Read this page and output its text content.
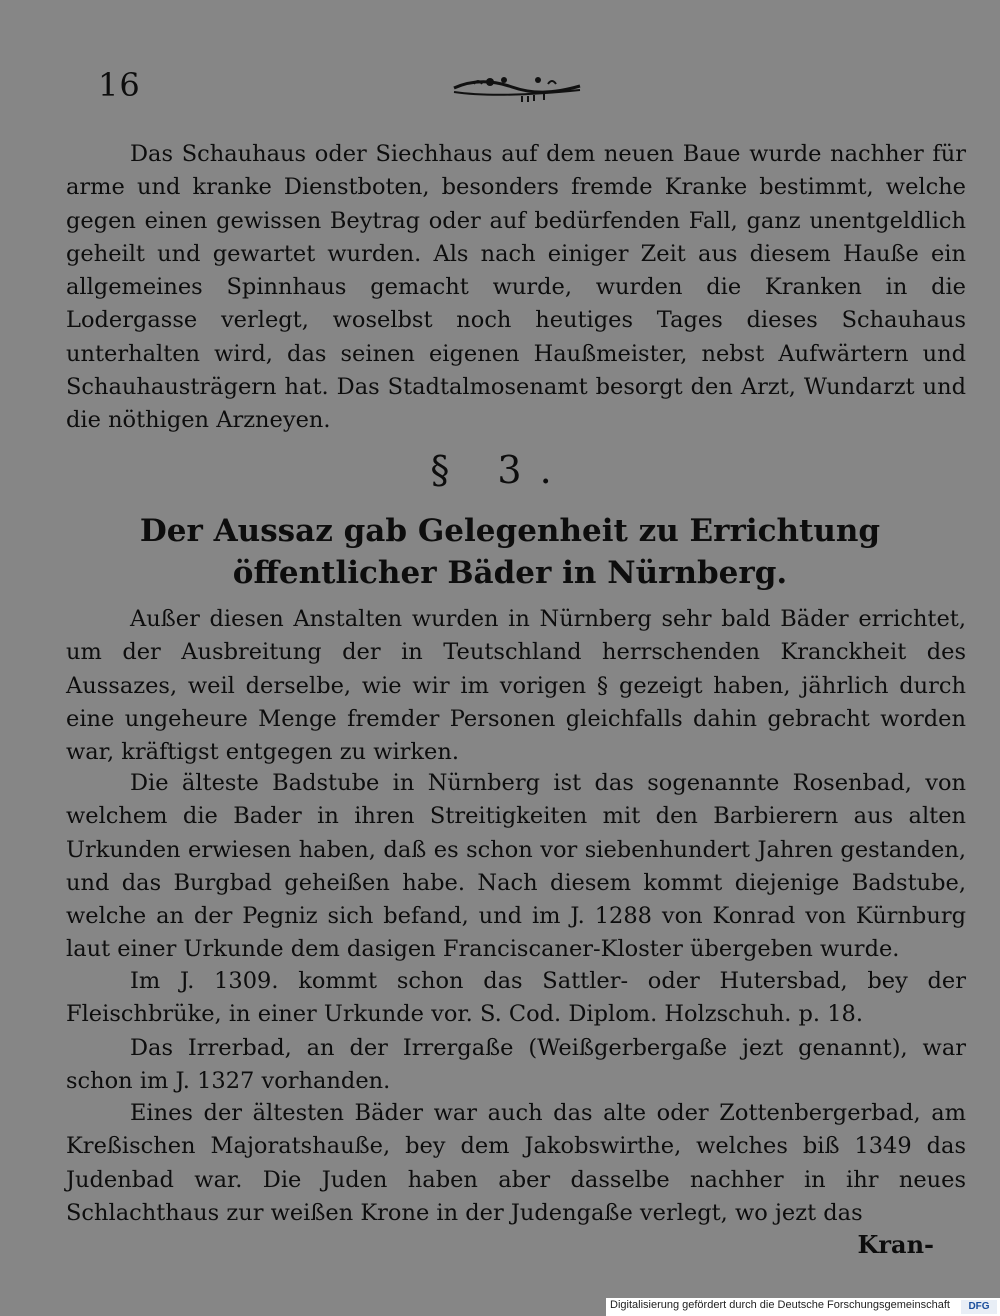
16
Das Schauhaus oder Siechhaus auf dem neuen Baue wurde nachher für arme und kranke Dienstboten, besonders fremde Kranke bestimmt, welche gegen einen gewissen Beytrag oder auf bedürfenden Fall, ganz unentgeldlich geheilt und gewartet wurden. Als nach einiger Zeit aus diesem Hauße ein allgemeines Spinnhaus gemacht wurde, wurden die Kranken in die Lodergasse verlegt, woselbst noch heutiges Tages dieses Schauhaus unterhalten wird, das seinen eigenen Haußmeister, nebst Aufwärtern und Schauhausträgern hat. Das Stadtalmosenamt besorgt den Arzt, Wundarzt und die nöthigen Arzneyen.
§ 3.
Der Aussaz gab Gelegenheit zu Errichtung öffentlicher Bäder in Nürnberg.
Außer diesen Anstalten wurden in Nürnberg sehr bald Bäder errichtet, um der Ausbreitung der in Teutschland herrschenden Kranckheit des Aussazes, weil derselbe, wie wir im vorigen § gezeigt haben, jährlich durch eine ungeheure Menge fremder Personen gleichfalls dahin gebracht worden war, kräftigst entgegen zu wirken.
Die älteste Badstube in Nürnberg ist das sogenannte Rosenbad, von welchem die Bader in ihren Streitigkeiten mit den Barbierern aus alten Urkunden erwiesen haben, daß es schon vor siebenhundert Jahren gestanden, und das Burgbad geheißen habe. Nach diesem kommt diejenige Badstube, welche an der Pegniz sich befand, und im J. 1288 von Konrad von Kürnburg laut einer Urkunde dem dasigen Franciscaner-Kloster übergeben wurde.
Im J. 1309. kommt schon das Sattler- oder Hutersbad, bey der Fleischbrüke, in einer Urkunde vor. S. Cod. Diplom. Holzschuh. p. 18.
Das Irrerbad, an der Irrergaße (Weißgerbergaße jezt genannt), war schon im J. 1327 vorhanden.
Eines der ältesten Bäder war auch das alte oder Zottenbergerbad, am Kreßischen Majoratshauße, bey dem Jakobswirthe, welches biß 1349 das Judenbad war. Die Juden haben aber dasselbe nachher in ihr neues Schlachthaus zur weißen Krone in der Judengaße verlegt, wo jezt das
Kran-
Digitalisierung gefördert durch die Deutsche Forschungsgemeinschaft	DFG
